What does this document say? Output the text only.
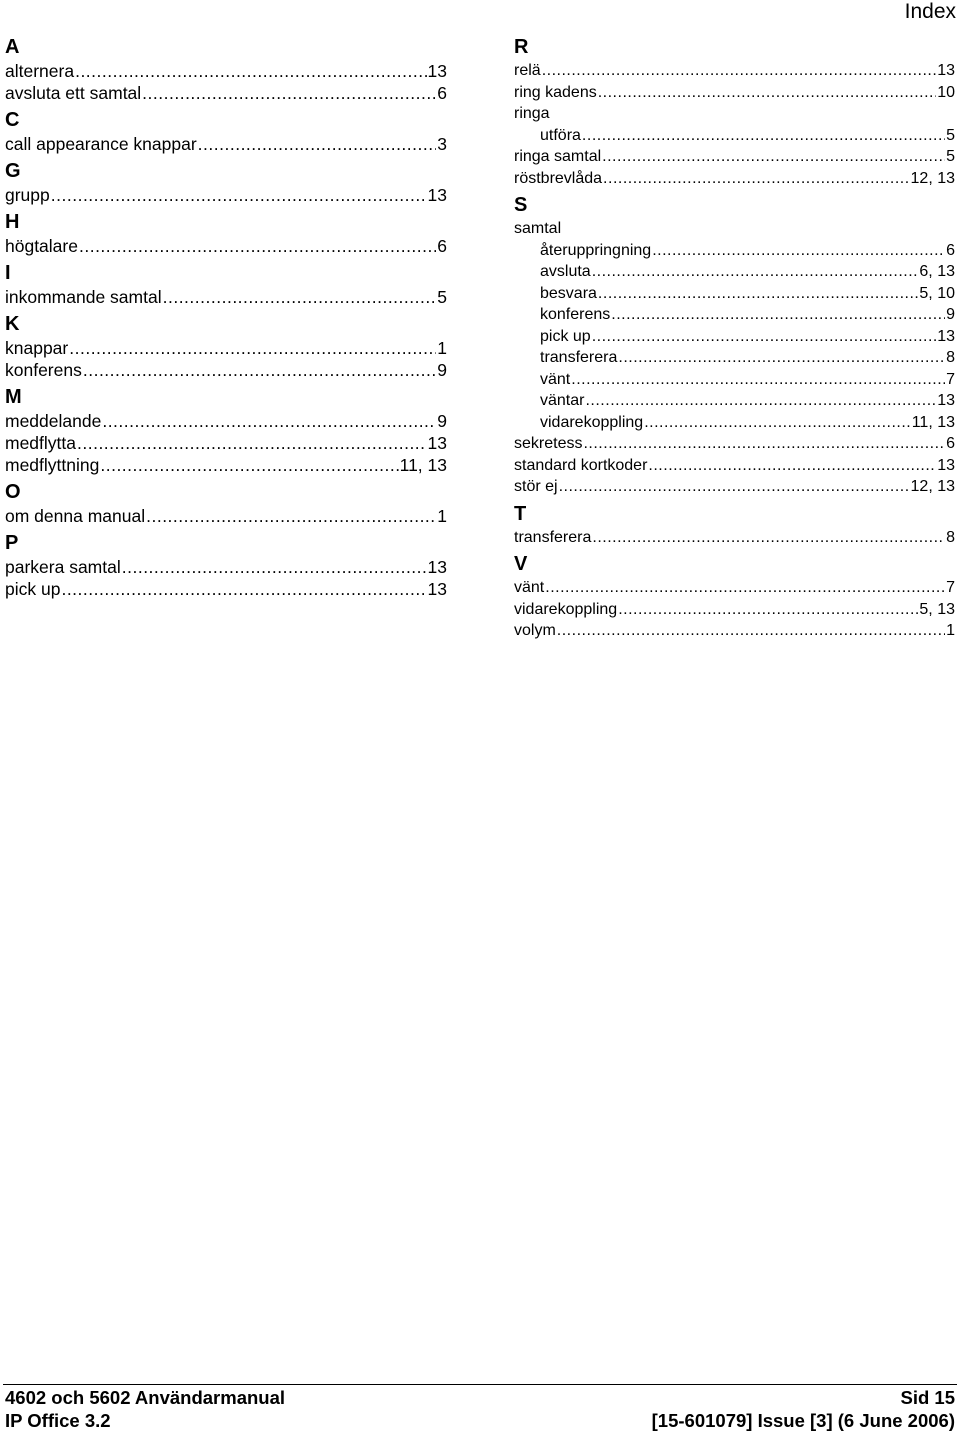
Index
A
alternera .....	13
avsluta ett samtal .....	6
C
call appearance knappar .....	3
G
grupp .....	13
H
högtalare .....	6
I
inkommande samtal .....	5
K
knappar .....	1
konferens .....	9
M
meddelande .....	9
medflytta .....	13
medflyttning .....	11, 13
O
om denna manual .....	1
P
parkera samtal .....	13
pick up .....	13
R
relä .....	13
ring kadens .....	10
ringa
utföra .....	5
ringa samtal .....	5
röstbrevlåda .....	12, 13
S
samtal
återuppringning .....	6
avsluta .....	6, 13
besvara .....	5, 10
konferens .....	9
pick up .....	13
transferera .....	8
vänt .....	7
väntar .....	13
vidarekoppling .....	11, 13
sekretess .....	6
standard kortkoder .....	13
stör ej .....	12, 13
T
transferera .....	8
V
vänt .....	7
vidarekoppling .....	5, 13
volym .....	1
4602 och 5602 Användarmanual	Sid 15
IP Office 3.2	[15-601079] Issue [3] (6 June 2006)
